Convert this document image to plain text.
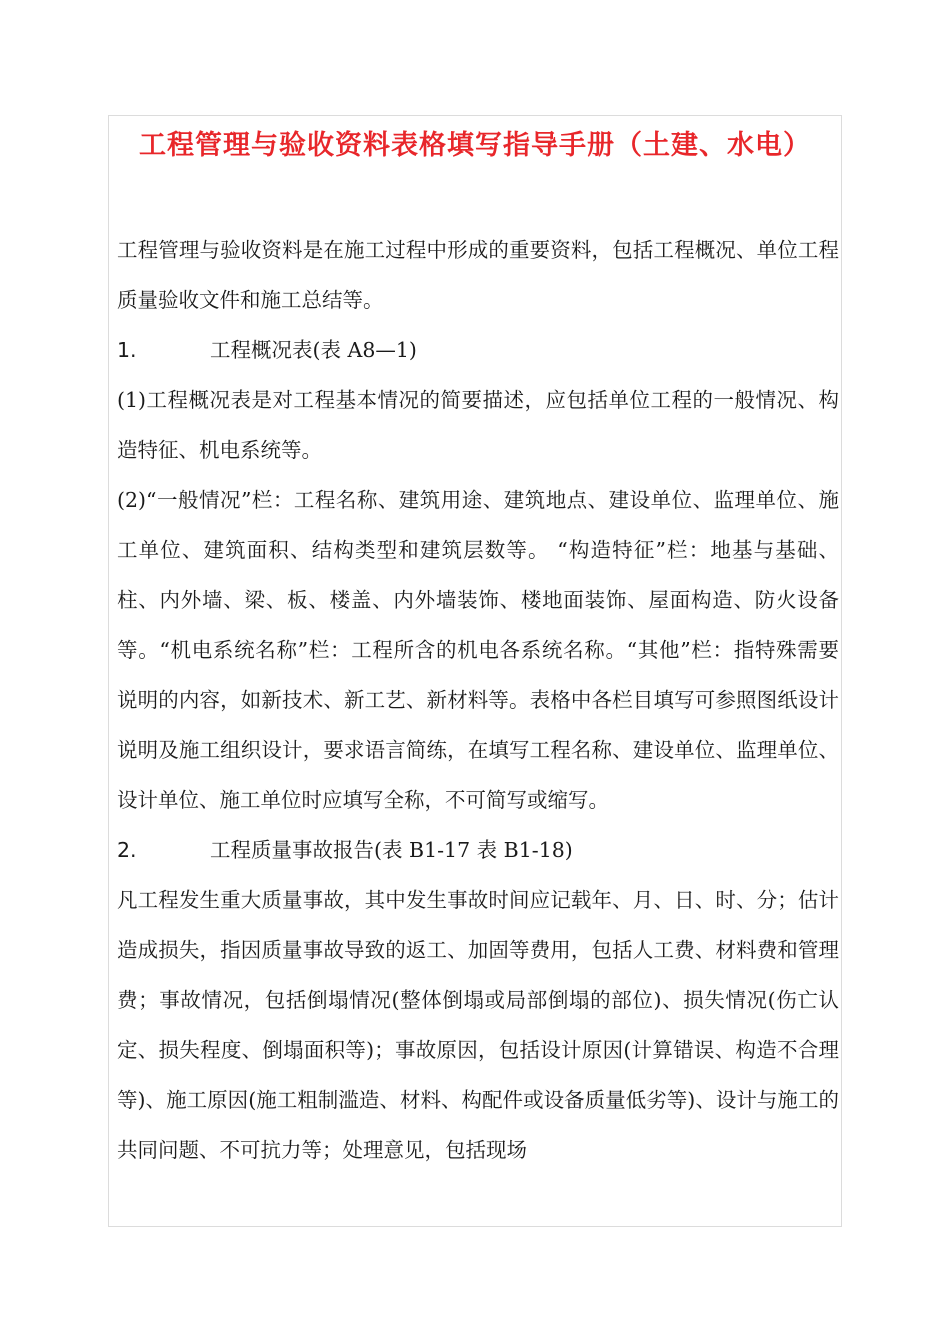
工程管理与验收资料表格填写指导手册（土建、水电）

工程管理与验收资料是在施工过程中形成的重要资料，包括工程概况、单位工程质量验收文件和施工总结等。

1.	工程概况表(表 A8—1)

(1)工程概况表是对工程基本情况的简要描述，应包括单位工程的一般情况、构造特征、机电系统等。

(2)“一般情况”栏：工程名称、建筑用途、建筑地点、建设单位、监理单位、施工单位、建筑面积、结构类型和建筑层数等。 “构造特征”栏：地基与基础、柱、内外墙、梁、板、楼盖、内外墙装饰、楼地面装饰、屋面构造、防火设备等。“机电系统名称”栏：工程所含的机电各系统名称。“其他”栏：指特殊需要 说明的内容，如新技术、新工艺、新材料等。表格中各栏目填写可参照图纸设计说明及施工组织设计，要求语言简练，在填写工程名称、建设单位、监理单位、设计单位、施工单位时应填写全称，不可简写或缩写。

2.	工程质量事故报告(表 B1-17 表 B1-18)

凡工程发生重大质量事故，其中发生事故时间应记载年、月、日、时、分；估计造成损失，指因质量事故导致的返工、加固等费用，包括人工费、材料费和管理费；事故情况，包括倒塌情况(整体倒塌或局部倒塌的部位)、损失情况(伤亡认定、损失程度、倒塌面积等)；事故原因，包括设计原因(计算错误、构造不合理等)、施工原因(施工粗制滥造、材料、构配件或设备质量低劣等)、设计与施工的共同问题、不可抗力等；处理意见，包括现场
